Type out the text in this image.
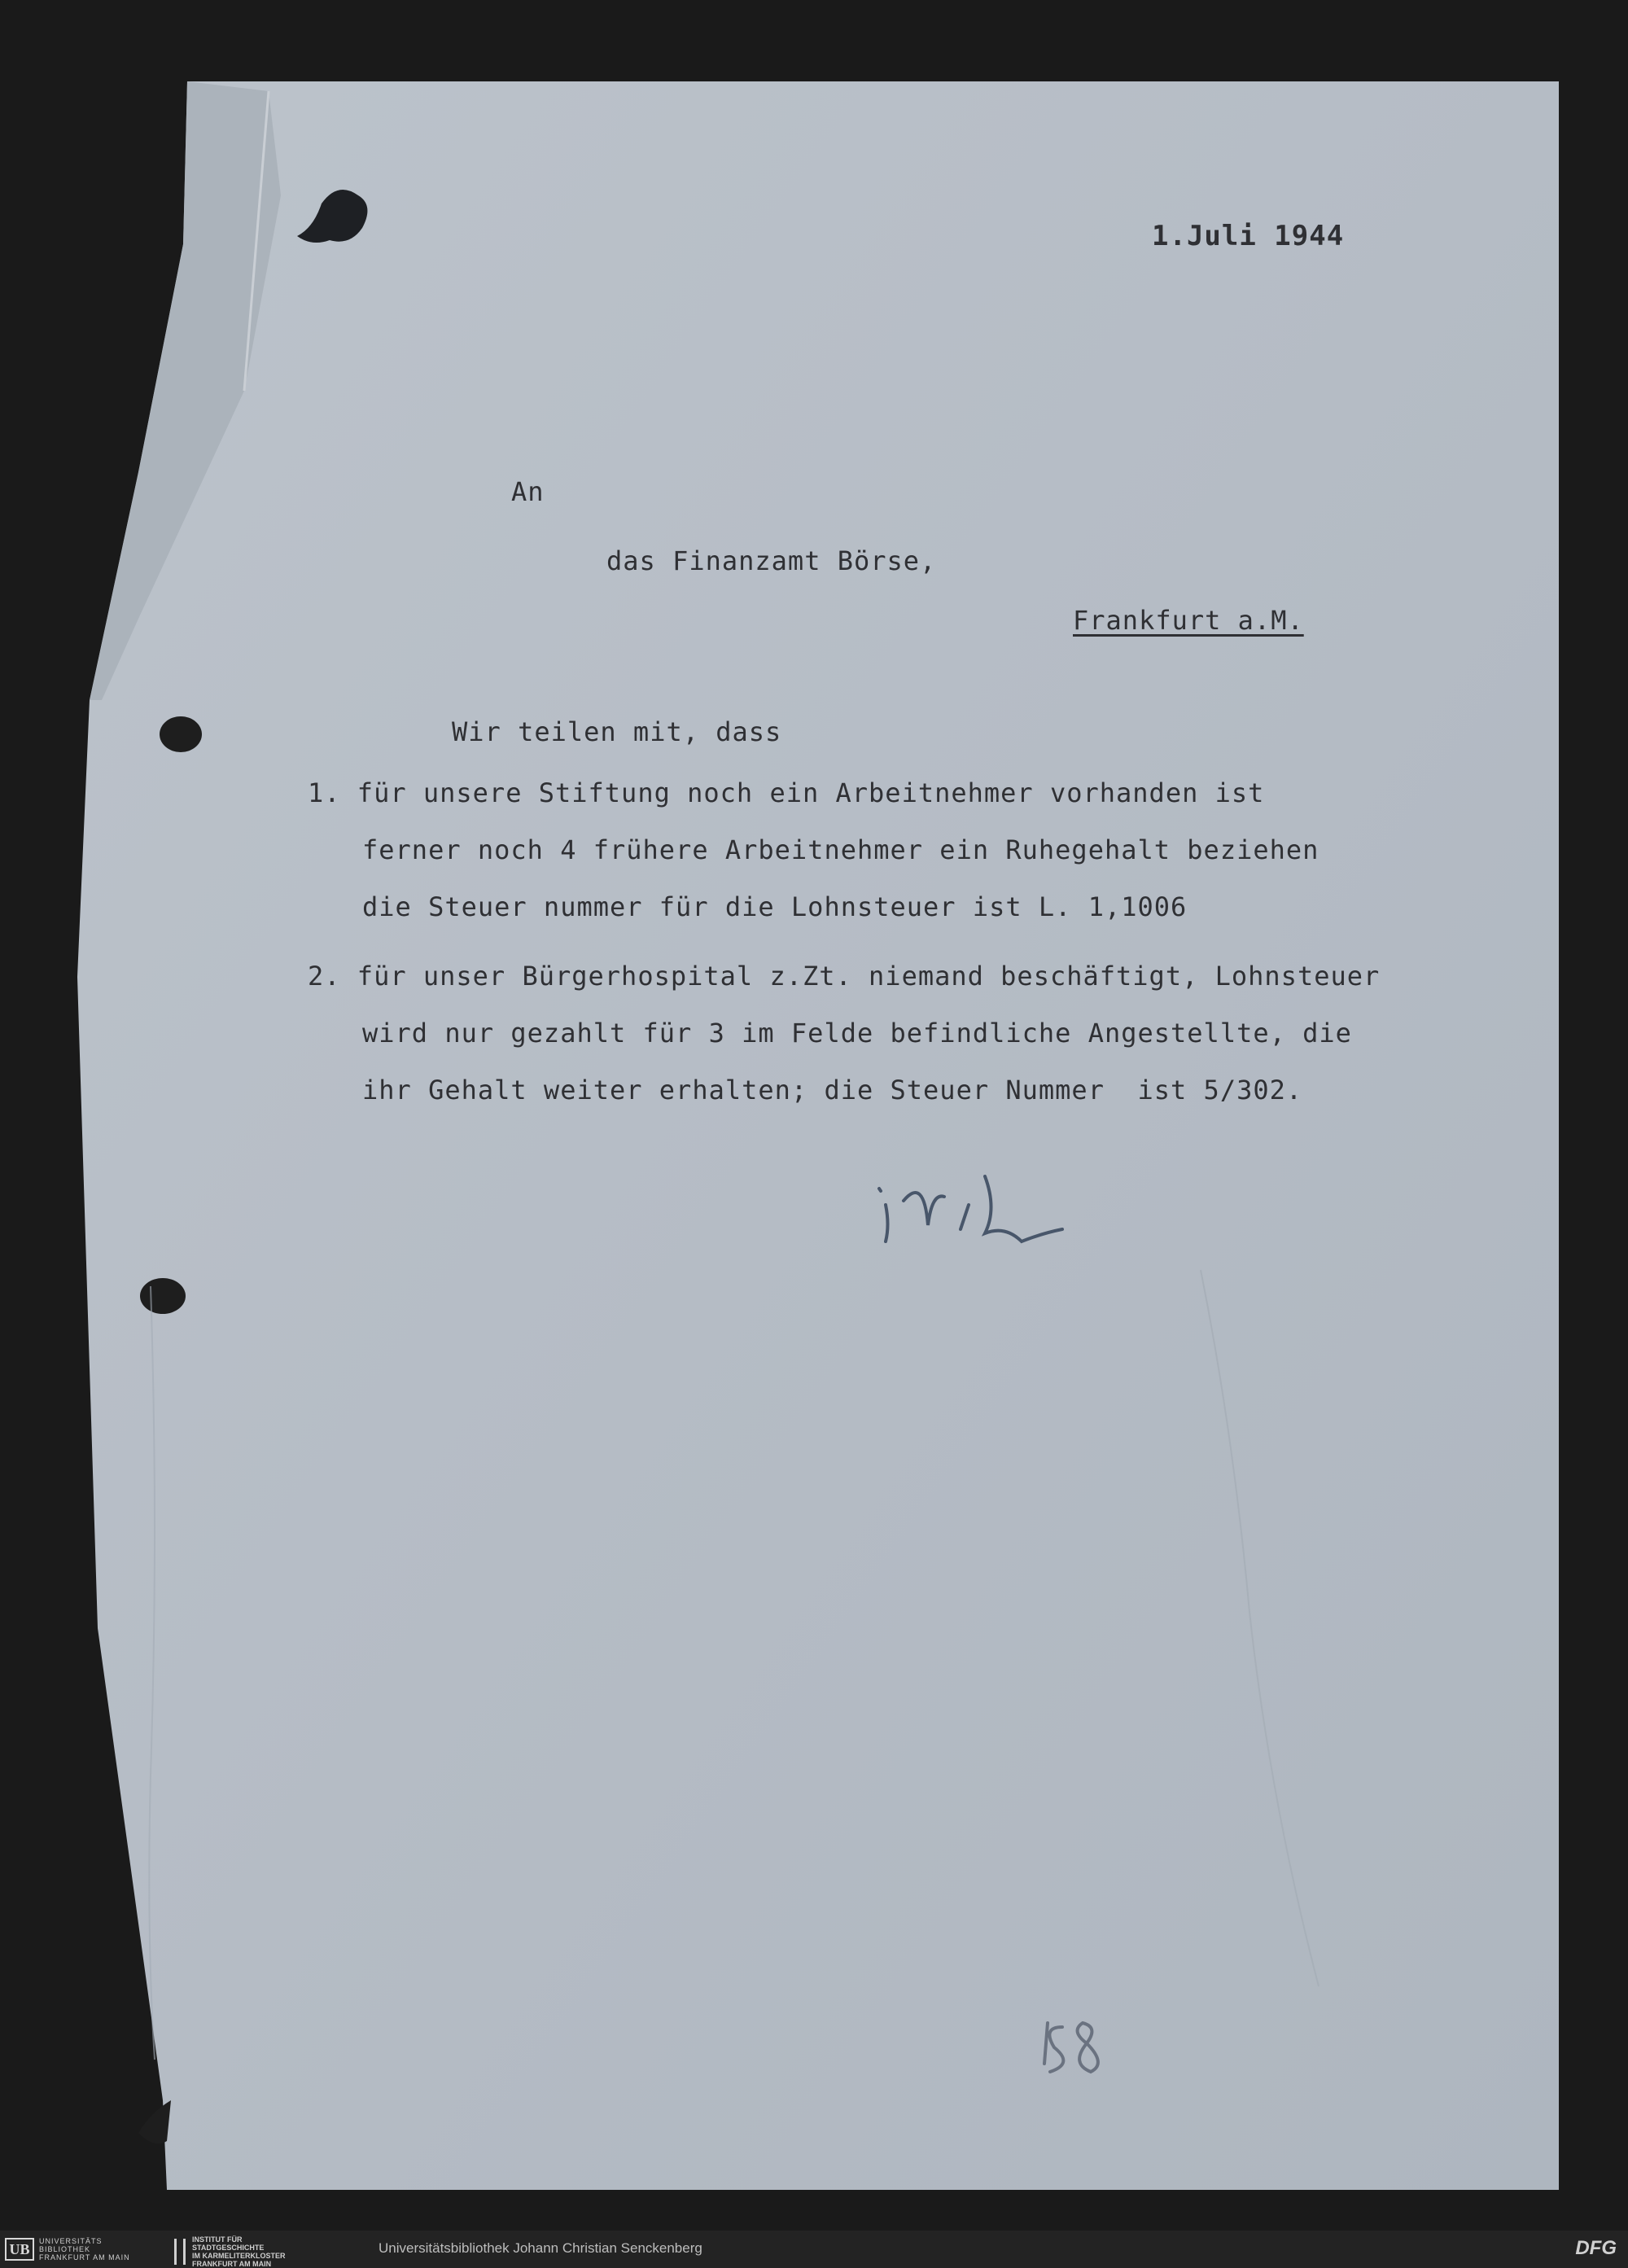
1.Juli 1944

An

das Finanzamt Börse,

Frankfurt a.M.

Wir teilen mit, dass

1. für unsere Stiftung noch ein Arbeitnehmer vorhanden ist

ferner noch 4 frühere Arbeitnehmer ein Ruhegehalt beziehen

die Steuer nummer für die Lohnsteuer ist L. 1,1006

2. für unser Bürgerhospital z.Zt. niemand beschäftigt, Lohnsteuer

wird nur gezahlt für 3 im Felde befindliche Angestellte, die

ihr Gehalt weiter erhalten; die Steuer Nummer  ist 5/302.

UB	UNIVERSITÄTS
BIBLIOTHEK
FRANKFURT AM MAIN
INSTITUT FÜR
STADTGESCHICHTE
IM KARMELITERKLOSTER
FRANKFURT AM MAIN
Universitätsbibliothek Johann Christian Senckenberg	DFG
